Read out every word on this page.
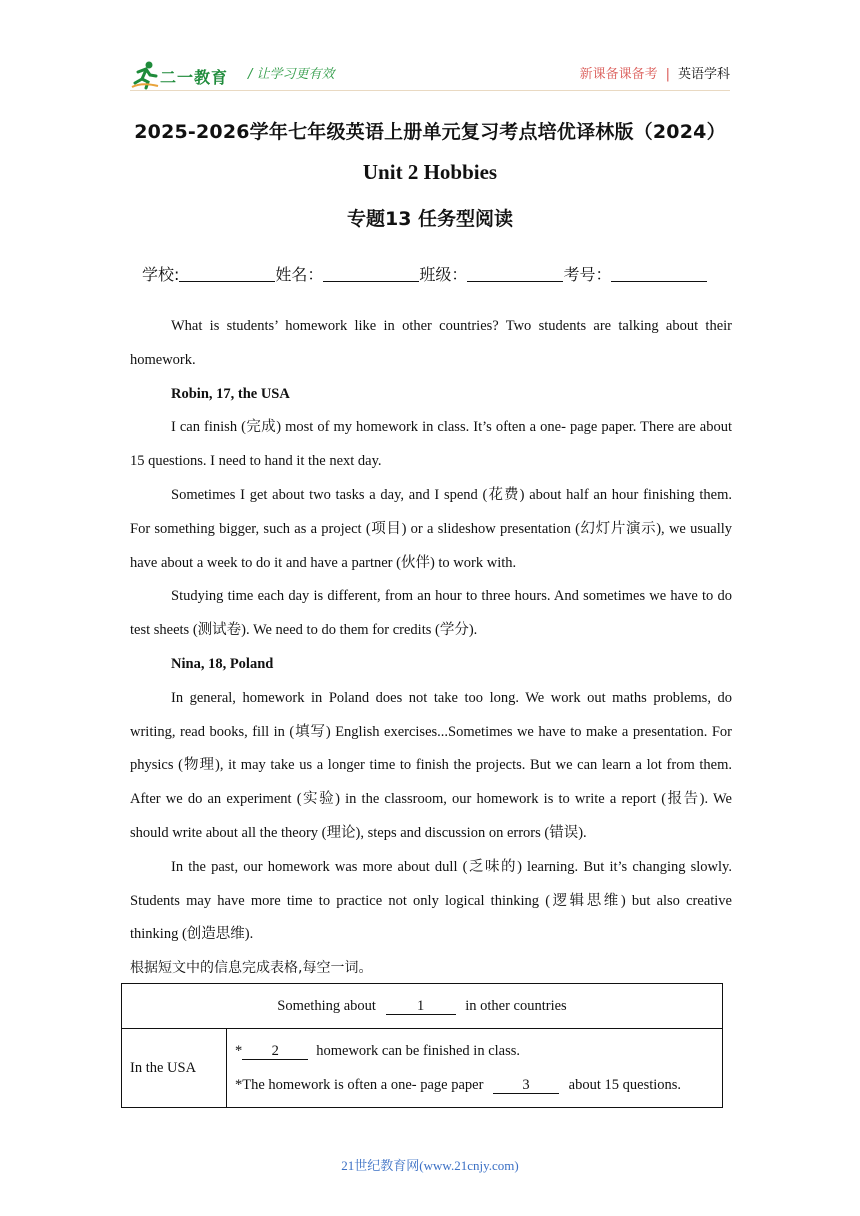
二一教育 / 让学习更有效	新课备课备考 | 英语学科
2025-2026学年七年级英语上册单元复习考点培优译林版（2024）
Unit 2 Hobbies
专题13 任务型阅读
学校:	姓名：	班级：	考号：

What is students’ homework like in other countries? Two students are talking about their homework.

Robin, 17, the USA

I can finish (完成) most of my homework in class. It’s often a one- page paper. There are about 15 questions. I need to hand it the next day.

Sometimes I get about two tasks a day, and I spend (花费) about half an hour finishing them. For something bigger, such as a project (项目) or a slideshow presentation (幻灯片演示), we usually have about a week to do it and have a partner (伙伴) to work with.

Studying time each day is different, from an hour to three hours. And sometimes we have to do test sheets (测试卷). We need to do them for credits (学分).

Nina, 18, Poland

In general, homework in Poland does not take too long. We work out maths problems, do writing, read books, fill in (填写) English exercises...Sometimes we have to make a presentation. For physics (物理), it may take us a longer time to finish the projects. But we can learn a lot from them. After we do an experiment (实验) in the classroom, our homework is to write a report (报告). We should write about all the theory (理论), steps and discussion on errors (错误).

In the past, our homework was more about dull (乏味的) learning. But it’s changing slowly. Students may have more time to practice not only logical thinking (逻辑思维) but also creative thinking (创造思维).

根据短文中的信息完成表格,每空一词。

Something about	1	in other countries
In the USA	
* 2	homework can be finished in class.
*The homework is often a one- page paper	3	about 15 questions.
21世纪教育网(www.21cnjy.com)
